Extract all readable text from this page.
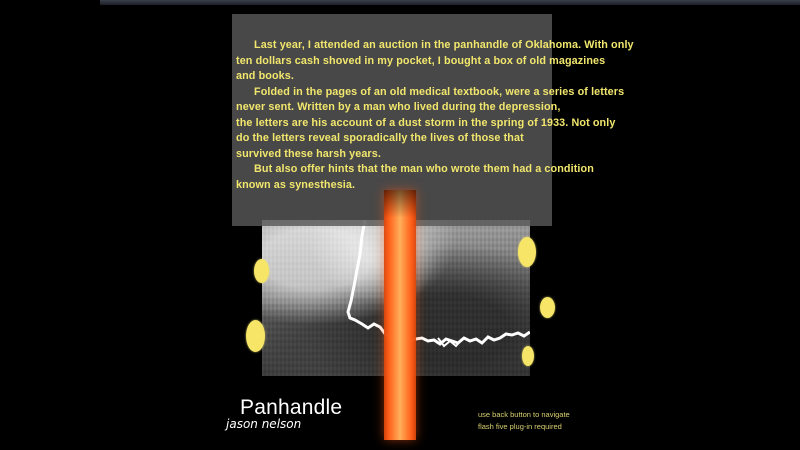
Last year, I attended an auction in the panhandle of Oklahoma. With only
ten dollars cash shoved in my pocket, I bought a box of old magazines
and books.
Folded in the pages of an old medical textbook, were a series of letters
never sent. Written by a man who lived during the depression,
the letters are his account of a dust storm in the spring of 1933. Not only
do the letters reveal sporadically the lives of those that
survived these harsh years.
But also offer hints that the man who wrote them had a condition
known as synesthesia.
Panhandle

jason nelson

use back button to navigate
flash five plug-in required
